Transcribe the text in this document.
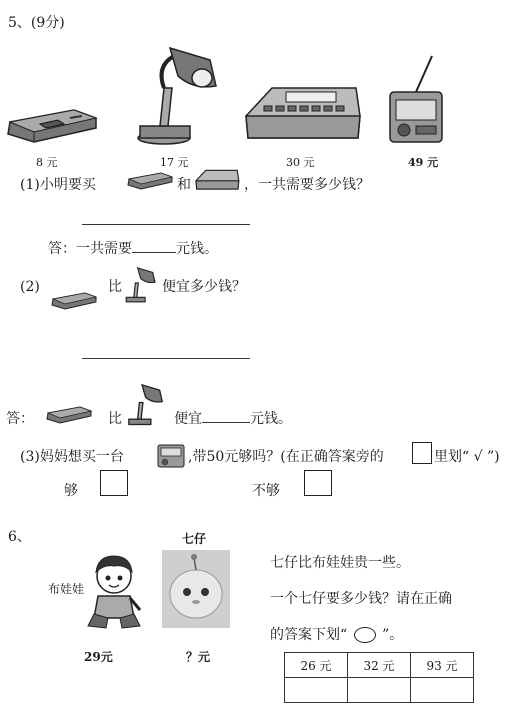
5、(9分)
8 元	17 元	30 元	49 元
(1)小明要买	和	，一共需要多少钱？
答：一共需要	元钱。
(2)	比	便宜多少钱？
答：	比	便宜	元钱。
(3)妈妈想买一台	,带50元够吗？(在正确答案旁的	里划“ √ ”)
够	不够
6、
布娃娃
29元
七仔
？元
七仔比布娃娃贵一些。
一个七仔要多少钱？请在正确
的答案下划“ ”。
26 元	32 元	93 元
